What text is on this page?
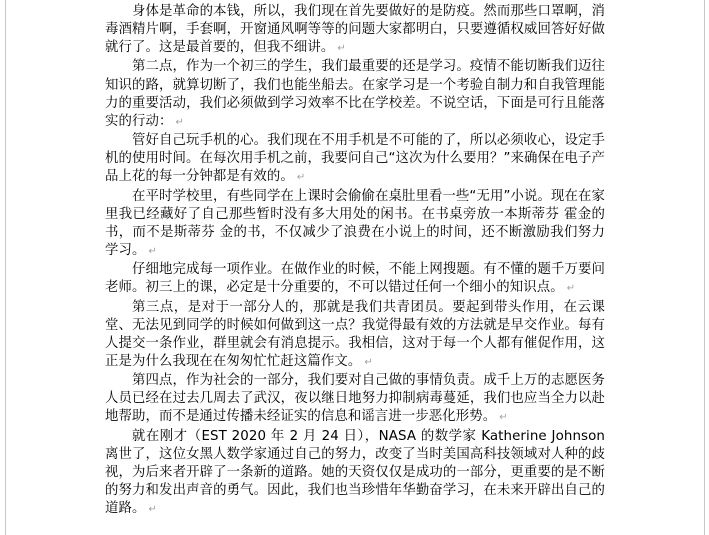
身体是革命的本钱，所以，我们现在首先要做好的是防疫。然而那些口罩啊，消毒酒精片啊，手套啊，开窗通风啊等等的问题大家都明白，只要遵循权威回答好好做就行了。这是最首要的，但我不细讲。 ↵

第二点，作为一个初三的学生，我们最重要的还是学习。疫情不能切断我们迈往知识的路，就算切断了，我们也能坐船去。在家学习是一个考验自制力和自我管理能力的重要活动，我们必须做到学习效率不比在学校差。不说空话，下面是可行且能落实的行动： ↵

管好自己玩手机的心。我们现在不用手机是不可能的了，所以必须收心，设定手机的使用时间。在每次用手机之前，我要问自己“这次为什么要用？”来确保在电子产品上花的每一分钟都是有效的。 ↵

在平时学校里，有些同学在上课时会偷偷在桌肚里看一些“无用”小说。现在在家里我已经藏好了自己那些暂时没有多大用处的闲书。在书桌旁放一本斯蒂芬 霍金的书，而不是斯蒂芬 金的书，不仅减少了浪费在小说上的时间，还不断激励我们努力学习。 ↵

仔细地完成每一项作业。在做作业的时候，不能上网搜题。有不懂的题千万要问老师。初三上的课，必定是十分重要的，不可以错过任何一个细小的知识点。 ↵

第三点，是对于一部分人的，那就是我们共青团员。要起到带头作用，在云课堂、无法见到同学的时候如何做到这一点？我觉得最有效的方法就是早交作业。每有人提交一条作业，群里就会有消息提示。我相信，这对于每一个人都有催促作用，这正是为什么我现在在匆匆忙忙赶这篇作文。 ↵

第四点，作为社会的一部分，我们要对自己做的事情负责。成千上万的志愿医务人员已经在过去几周去了武汉，夜以继日地努力抑制病毒蔓延，我们也应当全力以赴地帮助，而不是通过传播未经证实的信息和谣言进一步恶化形势。 ↵

就在刚才（EST 2020 年 2 月 24 日），NASA 的数学家 Katherine Johnson 离世了，这位女黑人数学家通过自己的努力，改变了当时美国高科技领域对人种的歧视，为后来者开辟了一条新的道路。她的天资仅仅是成功的一部分，更重要的是不断的努力和发出声音的勇气。因此，我们也当珍惜年华勤奋学习，在未来开辟出自己的道路。 ↵
